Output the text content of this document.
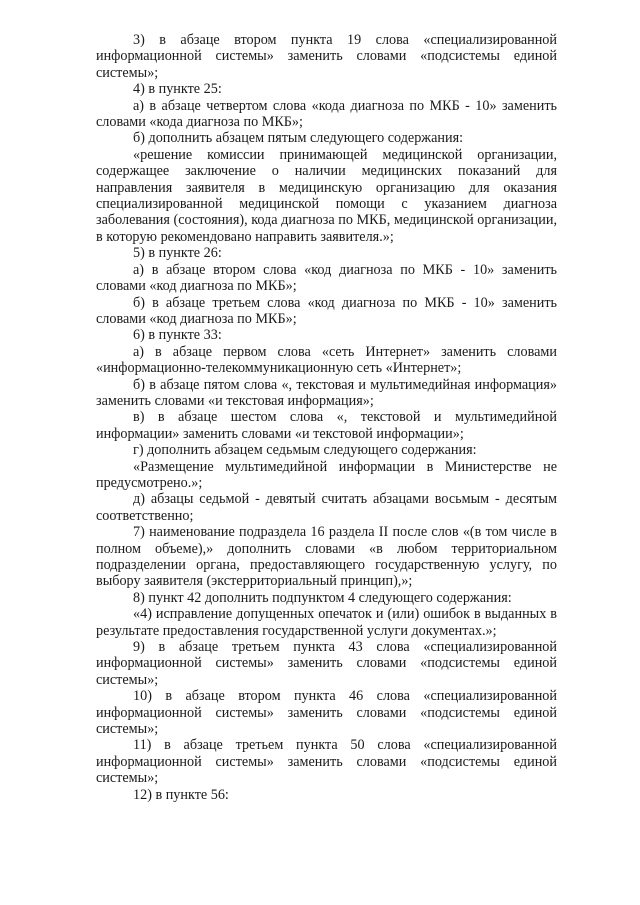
3) в абзаце втором пункта 19 слова «специализированной информационной системы» заменить словами «подсистемы единой системы»;

4) в пункте 25:

а) в абзаце четвертом слова «кода диагноза по МКБ - 10» заменить словами «кода диагноза по МКБ»;

б) дополнить абзацем пятым следующего содержания:

«решение комиссии принимающей медицинской организации, содержащее заключение о наличии медицинских показаний для направления заявителя в медицинскую организацию для оказания специализированной медицинской помощи с указанием диагноза заболевания (состояния), кода диагноза по МКБ, медицинской организации, в которую рекомендовано направить заявителя.»;

5) в пункте 26:

а) в абзаце втором слова «код диагноза по МКБ - 10» заменить словами «код диагноза по МКБ»;

б) в абзаце третьем слова «код диагноза по МКБ - 10» заменить словами «код диагноза по МКБ»;

6) в пункте 33:

а) в абзаце первом слова «сеть Интернет» заменить словами «информационно-телекоммуникационную сеть «Интернет»;

б) в абзаце пятом слова «, текстовая и мультимедийная информация» заменить словами «и текстовая информация»;

в) в абзаце шестом слова «, текстовой и мультимедийной информации» заменить словами «и текстовой информации»;

г) дополнить абзацем седьмым следующего содержания:

«Размещение мультимедийной информации в Министерстве не предусмотрено.»;

д) абзацы седьмой - девятый считать абзацами восьмым - десятым соответственно;

7) наименование подраздела 16 раздела II после слов «(в том числе в полном объеме),» дополнить словами «в любом территориальном подразделении органа, предоставляющего государственную услугу, по выбору заявителя (экстерриториальный принцип),»;

8) пункт 42 дополнить подпунктом 4 следующего содержания:

«4) исправление допущенных опечаток и (или) ошибок в выданных в результате предоставления государственной услуги документах.»;

9) в абзаце третьем пункта 43 слова «специализированной информационной системы» заменить словами «подсистемы единой системы»;

10) в абзаце втором пункта 46 слова «специализированной информационной системы» заменить словами «подсистемы единой системы»;

11) в абзаце третьем пункта 50 слова «специализированной информационной системы» заменить словами «подсистемы единой системы»;

12) в пункте 56:
